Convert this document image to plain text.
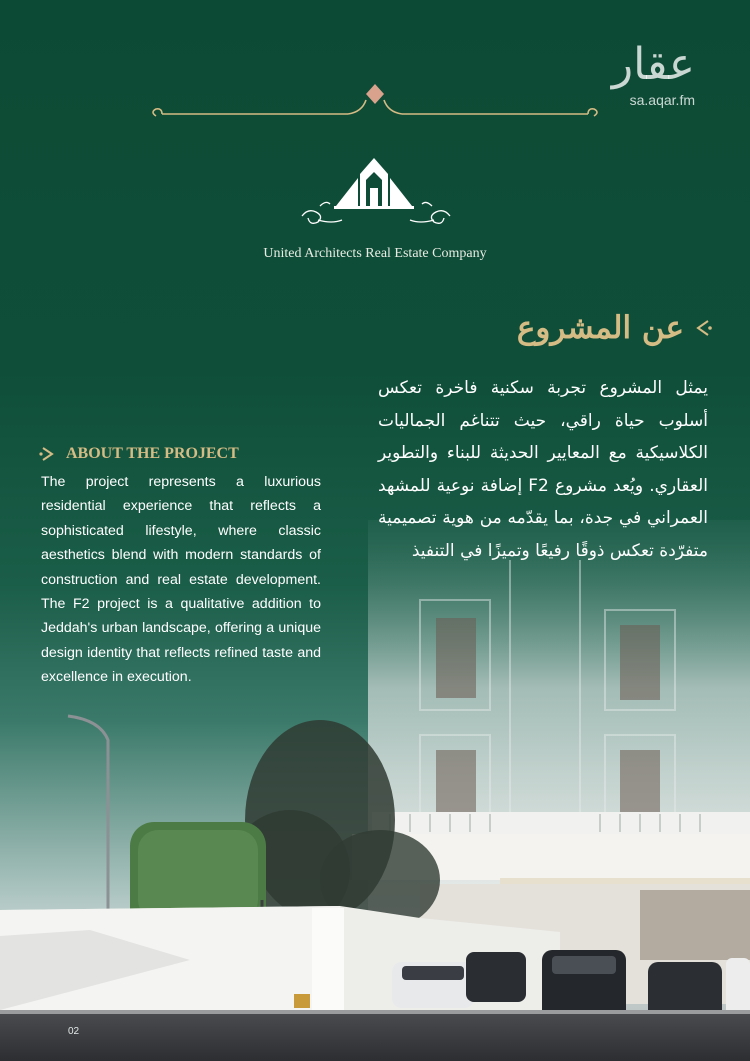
عقار
sa.aqar.fm
United Architects Real Estate Company
عن المشروع
يمثل المشروع تجربة سكنية فاخرة تعكس أسلوب حياة راقي، حيث تتناغم الجماليات الكلاسيكية مع المعايير الحديثة للبناء والتطوير العقاري. ويُعد مشروع F2 إضافة نوعية للمشهد العمراني في جدة، بما يقدّمه من هوية تصميمية متفرّدة تعكس ذوقًا رفيعًا وتميزًا في التنفيذ
ABOUT THE PROJECT
The project represents a luxurious residential experience that reflects a sophisticated lifestyle, where classic aesthetics blend with modern standards of construction and real estate development. The F2 project is a qualitative addition to Jeddah's urban landscape, offering a unique design identity that reflects refined taste and excellence in execution.
02
